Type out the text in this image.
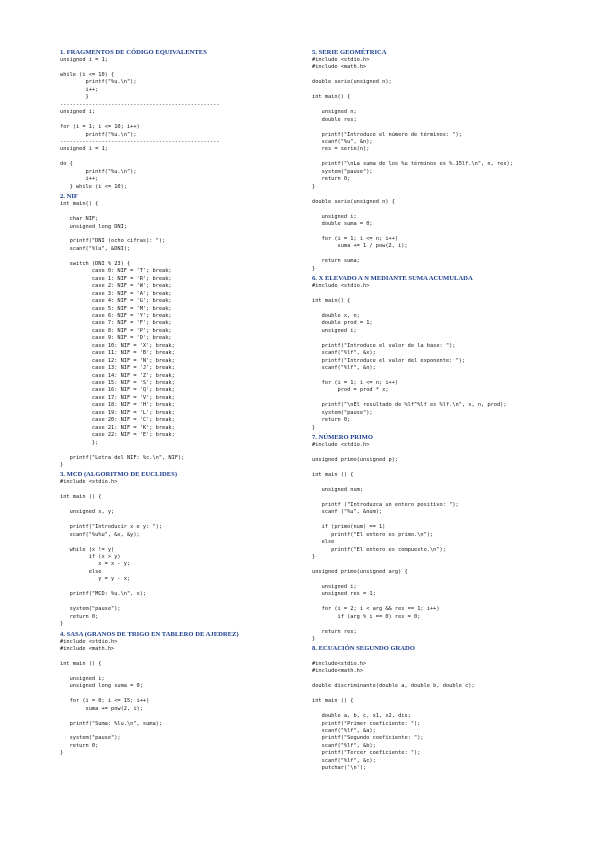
1. FRAGMENTOS DE CÓDIGO EQUIVALENTES
unsigned i = 1;

while (i <= 10) {
printf("%u.\n");
i++;
}
--------------------------------------------------
unsigned i;

for (i = 1; i <= 10; i++)
printf("%u.\n");
--------------------------------------------------
unsigned i = 1;

do {
printf("%u.\n");
i++;
} while (i <= 10);
2. NIF
int main() {

char NIF;
unsigned long DNI;

printf("DNI (ocho cifras): ");
scanf("%lu", &DNI);

switch (DNI % 23) {
case 0: NIF = 'T'; break;
case 1: NIF = 'R'; break;
case 2: NIF = 'W'; break;
case 3: NIF = 'A'; break;
case 4: NIF = 'G'; break;
case 5: NIF = 'M'; break;
case 6: NIF = 'Y'; break;
case 7: NIF = 'F'; break;
case 8: NIF = 'P'; break;
case 9: NIF = 'D'; break;
case 10: NIF = 'X'; break;
case 11: NIF = 'B'; break;
case 12: NIF = 'N'; break;
case 13: NIF = 'J'; break;
case 14: NIF = 'Z'; break;
case 15: NIF = 'S'; break;
case 16: NIF = 'Q'; break;
case 17: NIF = 'V'; break;
case 18: NIF = 'H'; break;
case 19: NIF = 'L'; break;
case 20: NIF = 'C'; break;
case 21: NIF = 'K'; break;
case 22: NIF = 'E'; break;
};

printf("Letra del NIF: %c.\n", NIF);
}
3. MCD (ALGORITMO DE EUCLIDES)
#include <stdio.h>

int main () {

unsigned x, y;

printf("Introducir x e y: ");
scanf("%u%u", &x, &y);

while (x != y)
if (x > y)
x = x - y;
else
y = y - x;

printf("MCD: %u.\n", x);

system("pause");
return 0;
}
4. SASA (GRANOS DE TRIGO EN TABLERO DE AJEDREZ)
#include <stdio.h>
#include <math.h>

int main () {

unsigned i;
unsigned long suma = 0;

for (i = 0; i <= 15; i++)
suma += pow(2, i);

printf("Suma: %lu.\n", suma);

system("pause");
return 0;
}
5. SERIE GEOMÉTRICA
#include <stdio.h>
#include <math.h>

double serie(unsigned n);

int main() {

unsigned n;
double res;

printf("Introduce el número de términos: ");
scanf("%u", &n);
res = serie(n);

printf("\nLa suma de los %u términos es %.15lf.\n", n, res);
system("pause");
return 0;
}

double serie(unsigned n) {

unsigned i;
double suma = 0;

for (i = 1; i <= n; i++)
suma += 1 / pow(2, i);

return suma;
}
6. X ELEVADO A N MEDIANTE SUMA ACUMULADA
#include <stdio.h>

int main() {

double x, n;
double prod = 1;
unsigned i;

printf("Introduce el valor de la base: ");
scanf("%lf", &x);
printf("Introduce el valor del exponente: ");
scanf("%lf", &n);

for (i = 1; i <= n; i++)
prod = prod * x;

printf("\nEl resultado de %lf^%lf es %lf.\n", x, n, prod);
system("pause");
return 0;
}
7. NÚMERO PRIMO
#include <stdio.h>

unsigned primo(unsigned p);

int main () {

unsigned num;

printf ("Introduzca un entero positivo: ");
scanf ("%u", &num);

if (primo(num) == 1)
printf("El entero es primo.\n");
else
printf("El entero es compuesto.\n");
}

unsigned primo(unsigned arg) {

unsigned i;
unsigned res = 1;

for (i = 2; i < arg && res == 1; i++)
if (arg % i == 0) res = 0;

return res;
}
8. ECUACIÓN SEGUNDO GRADO

#include<stdio.h>
#include<math.h>

double discriminante(double a, double b, double c);

int main () {

double a, b, c, x1, x2, dis;
printf("Primer coeficiente: ");
scanf("%lf", &a);
printf("Segundo coeficiente: ");
scanf("%lf", &b);
printf("Tercer coeficiente: ");
scanf("%lf", &c);
putchar('\n');
